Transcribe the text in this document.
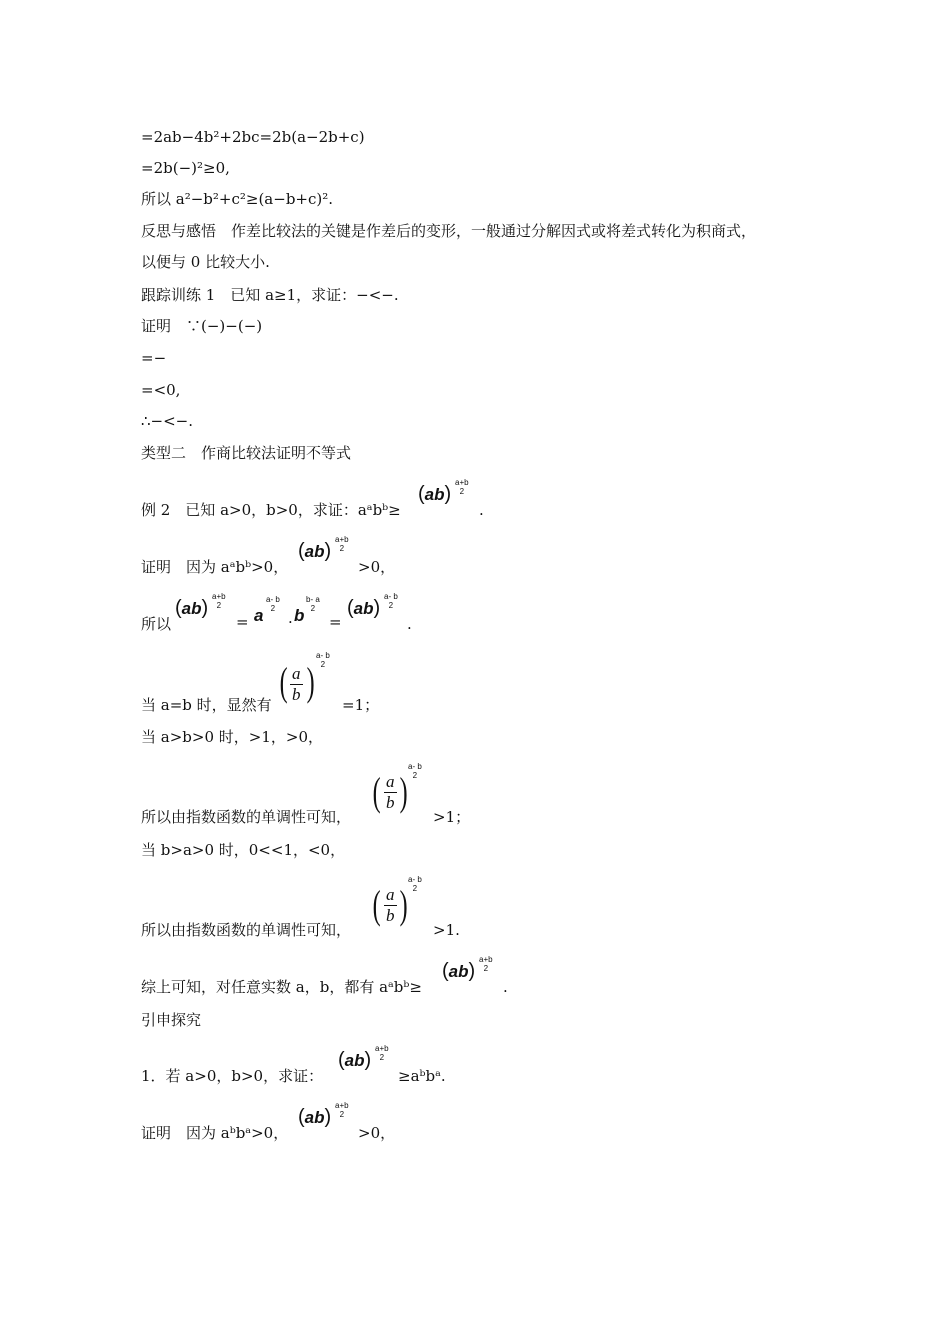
=2ab−4b²+2bc=2b(a−2b+c)
=2b(−)²≥0,
所以 a²−b²+c²≥(a−b+c)².
反思与感悟　作差比较法的关键是作差后的变形，一般通过分解因式或将差式转化为积商式，
以便与 0 比较大小.
跟踪训练 1　已知 a≥1，求证：−<−.
证明　∵(−)−(−)
=−
=<0,
∴−<−.
类型二　作商比较法证明不等式
例 2　已知 a>0，b>0，求证：aᵃbᵇ≥
(ab)
a+b
2
.
证明　因为 aᵃbᵇ>0，
(ab)
a+b
2
>0，
所以
(ab)
a+b
2
= a
a- b
2
· b
b- a
2
=
(ab)
a- b
2
.
当 a=b 时，显然有
( $\frac{a}{b}$ )
a- b
2
=1；
当 a>b>0 时，>1，>0，
所以由指数函数的单调性可知，
( $\frac{a}{b}$ )
a- b
2
>1；
当 b>a>0 时，0<<1，<0，
所以由指数函数的单调性可知，
( $\frac{a}{b}$ )
a- b
2
>1.
综上可知，对任意实数 a，b，都有 aᵃbᵇ≥
(ab)
a+b
2
.
引申探究
1．若 a>0，b>0，求证：
(ab)
a+b
2
≥aᵇbᵃ.
证明　因为 aᵇbᵃ>0，
(ab)
a+b
2
>0，
